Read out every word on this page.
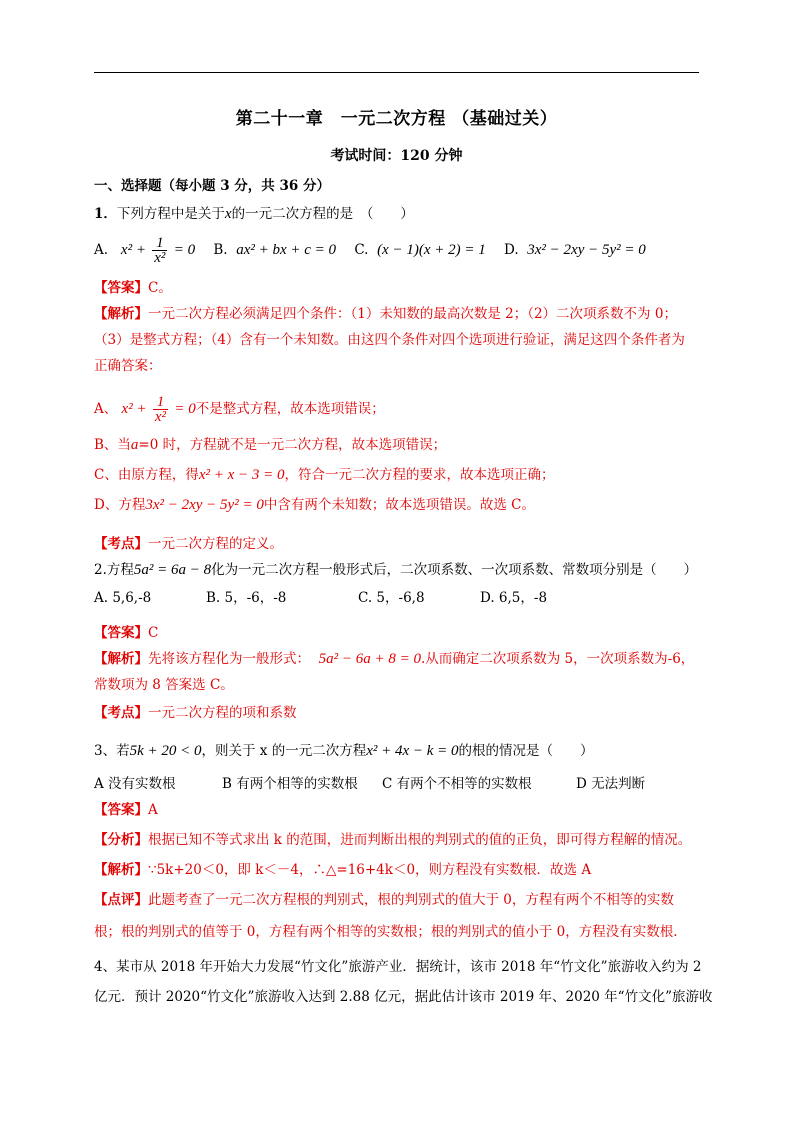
第二十一章　一元二次方程 （基础过关）
考试时间：120 分钟
一、选择题（每小题 3 分，共 36 分）
1．下列方程中是关于x的一元二次方程的是　（　　）
A. $x^2 + \frac{1}{\text{x²}} = 0$ B. ax² + bx + c = 0 C. (x − 1)(x + 2) = 1 D. 3x² − 2xy − 5y² = 0
【答案】C。
【解析】一元二次方程必须满足四个条件：（1）未知数的最高次数是 2；（2）二次项系数不为 0；
（3）是整式方程；（4）含有一个未知数。由这四个条件对四个选项进行验证，满足这四个条件者为
正确答案：
A、 $x^2 + \frac{1}{\text{x²}} = 0$不是整式方程，故本选项错误；
B、当a=0 时，方程就不是一元二次方程，故本选项错误；
C、由原方程，得x² + x − 3 = 0，符合一元二次方程的要求，故本选项正确；
D、方程3x² − 2xy − 5y² = 0中含有两个未知数；故本选项错误。故选 C。
【考点】一元二次方程的定义。
2.方程5a² = 6a − 8化为一元二次方程一般形式后，二次项系数、一次项系数、常数项分别是（　　）
A. 5,6,-8	B. 5，-6，-8	C. 5，-6,8	D. 6,5，-8
【答案】C
【解析】先将该方程化为一般形式： 5a² − 6a + 8 = 0.从而确定二次项系数为 5，一次项系数为-6，
常数项为 8 答案选 C。
【考点】一元二次方程的项和系数
3、若5k + 20 < 0，则关于 x 的一元二次方程x² + 4x − k = 0的根的情况是（　　）
A 没有实数根	B 有两个相等的实数根 C 有两个不相等的实数根	D 无法判断
【答案】A
【分析】根据已知不等式求出 k 的范围，进而判断出根的判别式的值的正负，即可得方程解的情况。
【解析】∵5k+20＜0，即 k＜－4，∴△=16+4k＜0，则方程没有实数根．故选 A
【点评】此题考查了一元二次方程根的判别式，根的判别式的值大于 0，方程有两个不相等的实数
根；根的判别式的值等于 0，方程有两个相等的实数根；根的判别式的值小于 0，方程没有实数根.
4、某市从 2018 年开始大力发展“竹文化”旅游产业．据统计，该市 2018 年“竹文化”旅游收入约为 2
亿元．预计 2020“竹文化”旅游收入达到 2.88 亿元，据此估计该市 2019 年、2020 年“竹文化”旅游收
